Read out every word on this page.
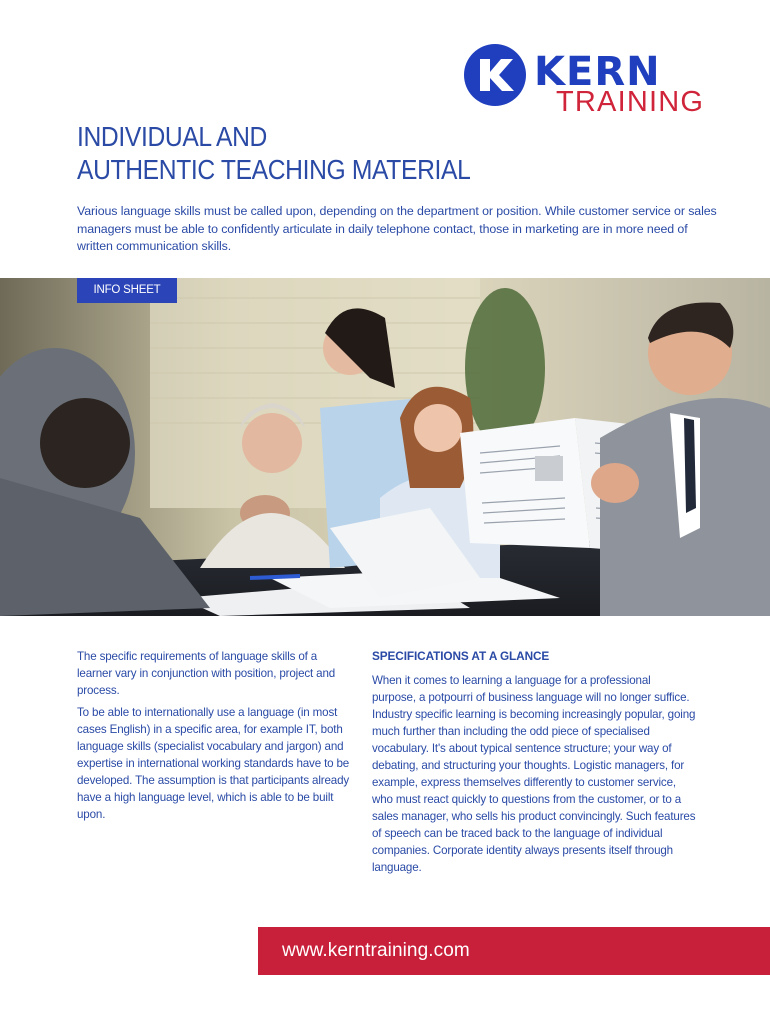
KERN
TRAINING
INDIVIDUAL AND
AUTHENTIC TEACHING MATERIAL

Various language skills must be called upon, depending on the department or position. While customer service or sales managers must be able to confidently articulate in daily telephone contact, those in marketing are in more need of written communication skills.

INFO SHEET

The specific requirements of language skills of a learner vary in conjunction with position, project and process.

To be able to internationally use a language (in most cases English) in a specific area, for example IT, both language skills (specialist vocabulary and jargon) and expertise in international working standards have to be developed. The assumption is that participants already have a high language level, which is able to be built upon.

SPECIFICATIONS AT A GLANCE

When it comes to learning a language for a professional purpose, a potpourri of business language will no longer suffice. Industry specific learning is becoming increasingly popular, going much further than including the odd piece of specialised vocabulary. It's about typical sentence structure; your way of debating, and structuring your thoughts. Logistic managers, for example, express themselves differently to customer service, who must react quickly to questions from the customer, or to a sales manager, who sells his product convincingly. Such features of speech can be traced back to the language of individual companies. Corporate identity always presents itself through language.

www.kerntraining.com
